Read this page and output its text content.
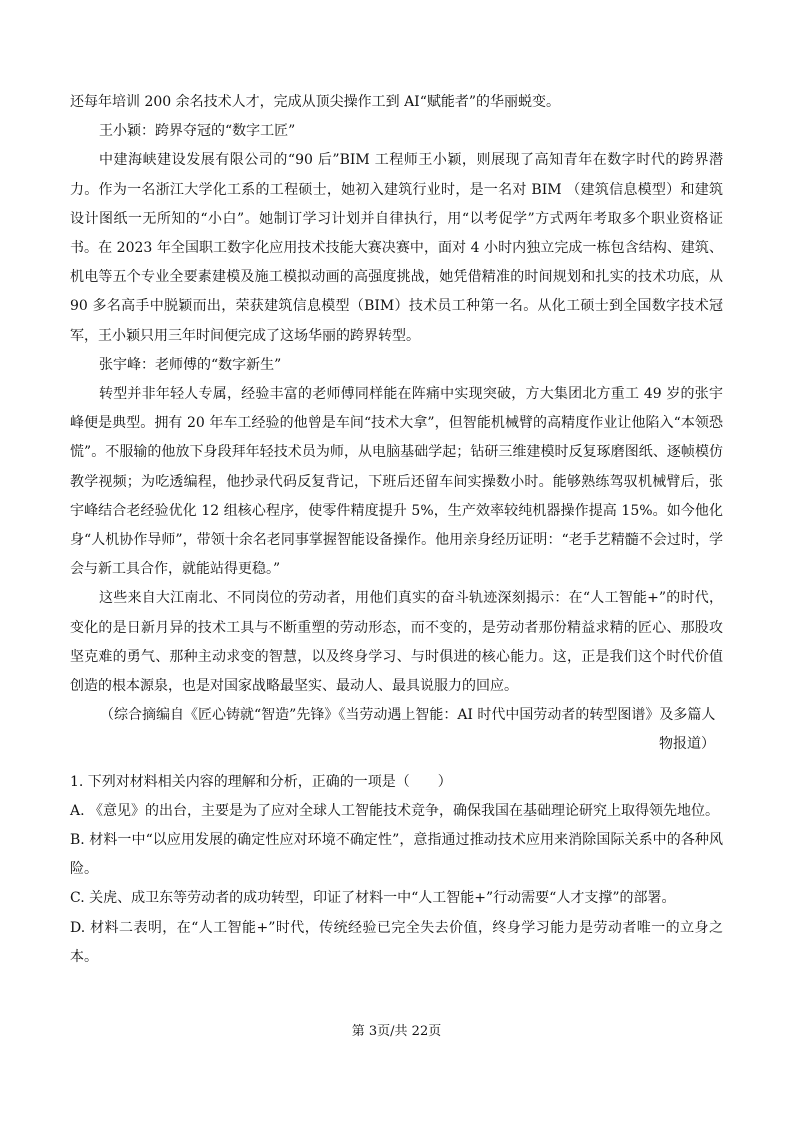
还每年培训 200 余名技术人才，完成从顶尖操作工到 AI“赋能者”的华丽蜕变。

王小颖：跨界夺冠的“数字工匠”

中建海峡建设发展有限公司的“90 后”BIM 工程师王小颖，则展现了高知青年在数字时代的跨界潜力。作为一名浙江大学化工系的工程硕士，她初入建筑行业时，是一名对 BIM （建筑信息模型）和建筑设计图纸一无所知的“小白”。她制订学习计划并自律执行，用“以考促学”方式两年考取多个职业资格证书。在 2023 年全国职工数字化应用技术技能大赛决赛中，面对 4 小时内独立完成一栋包含结构、建筑、机电等五个专业全要素建模及施工模拟动画的高强度挑战，她凭借精准的时间规划和扎实的技术功底，从 90 多名高手中脱颖而出，荣获建筑信息模型（BIM）技术员工种第一名。从化工硕士到全国数字技术冠军，王小颖只用三年时间便完成了这场华丽的跨界转型。

张宇峰：老师傅的“数字新生”

转型并非年轻人专属，经验丰富的老师傅同样能在阵痛中实现突破，方大集团北方重工 49 岁的张宇峰便是典型。拥有 20 年车工经验的他曾是车间“技术大拿”，但智能机械臂的高精度作业让他陷入“本领恐慌”。不服输的他放下身段拜年轻技术员为师，从电脑基础学起；钻研三维建模时反复琢磨图纸、逐帧模仿教学视频；为吃透编程，他抄录代码反复背记，下班后还留车间实操数小时。能够熟练驾驭机械臂后，张宇峰结合老经验优化 12 组核心程序，使零件精度提升 5%，生产效率较纯机器操作提高 15%。如今他化身“人机协作导师”，带领十余名老同事掌握智能设备操作。他用亲身经历证明：“老手艺精髓不会过时，学会与新工具合作，就能站得更稳。”

这些来自大江南北、不同岗位的劳动者，用他们真实的奋斗轨迹深刻揭示：在“人工智能+”的时代，变化的是日新月异的技术工具与不断重塑的劳动形态，而不变的，是劳动者那份精益求精的匠心、那股攻坚克难的勇气、那种主动求变的智慧，以及终身学习、与时俱进的核心能力。这，正是我们这个时代价值创造的根本源泉，也是对国家战略最坚实、最动人、最具说服力的回应。

（综合摘编自《匠心铸就“智造”先锋》《当劳动遇上智能：AI 时代中国劳动者的转型图谱》及多篇人

物报道）

1. 下列对材料相关内容的理解和分析，正确的一项是（　　）

A. 《意见》的出台，主要是为了应对全球人工智能技术竞争，确保我国在基础理论研究上取得领先地位。

B. 材料一中“以应用发展的确定性应对环境不确定性”，意指通过推动技术应用来消除国际关系中的各种风险。

C. 关虎、成卫东等劳动者的成功转型，印证了材料一中“人工智能+”行动需要“人才支撑”的部署。

D. 材料二表明，在“人工智能+”时代，传统经验已完全失去价值，终身学习能力是劳动者唯一的立身之本。

第 3页/共 22页
